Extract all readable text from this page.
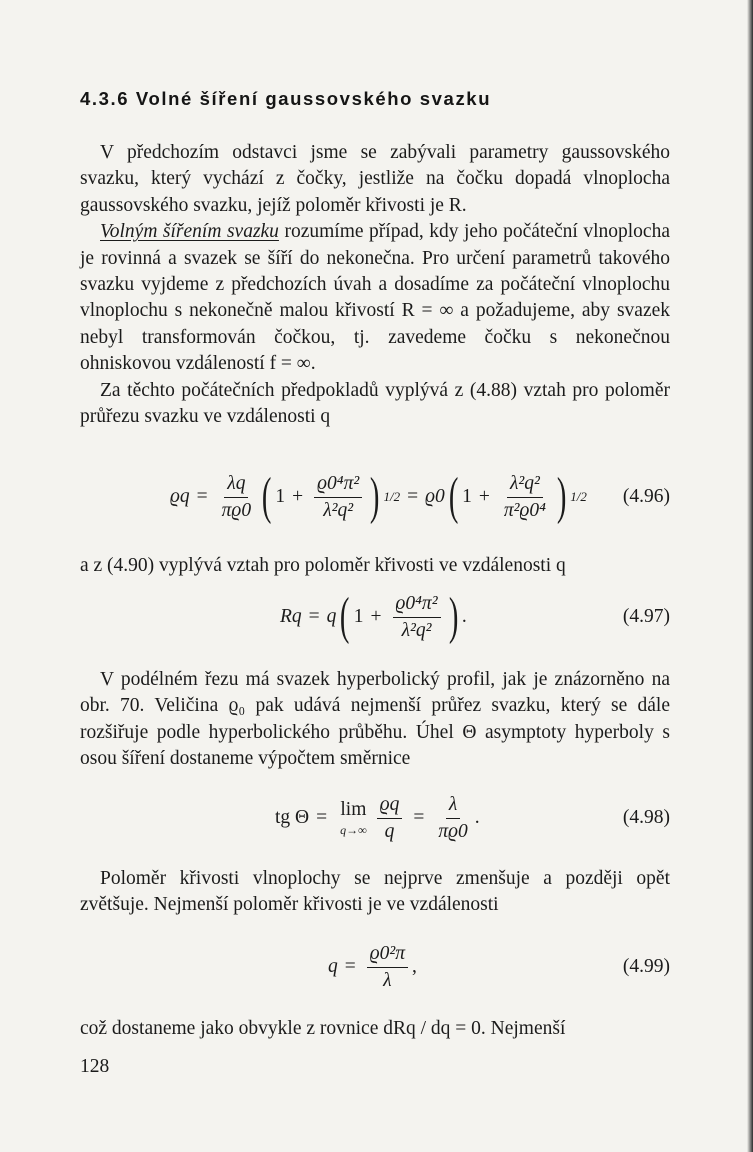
4.3.6 Volné šíření gaussovského svazku

V předchozím odstavci jsme se zabývali parametry gaussovského svazku, který vychází z čočky, jestliže na čočku dopadá vlnoplocha gaussovského svazku, jejíž poloměr křivosti je R.

Volným šířením svazku rozumíme případ, kdy jeho počáteční vlnoplocha je rovinná a svazek se šíří do nekonečna. Pro určení parametrů takového svazku vyjdeme z předchozích úvah a dosadíme za počáteční vlnoplochu vlnoplochu s nekonečně malou křivostí R = ∞ a požadujeme, aby svazek nebyl transformován čočkou, tj. zavedeme čočku s nekonečnou ohniskovou vzdáleností f = ∞.

Za těchto počátečních předpokladů vyplývá z (4.88) vztah pro poloměr průřezu svazku ve vzdálenosti q

$ϱq = \frac{\lambda q}{\pi ϱ0}$ ( $1 + \frac{\text{ϱ0⁴π²}}{\text{λ²q²}}$ ) 1/2 = ϱ0 ( $1 + \frac{\text{λ²q²}}{\text{π²ϱ0⁴}}$ ) 1/2 (4.96)

a z (4.90) vyplývá vztah pro poloměr křivosti ve vzdálenosti q

Rq = q ( $1 + \frac{\text{ϱ0⁴π²}}{\text{λ²q²}}$ ) .	(4.97)

V podélném řezu má svazek hyperbolický profil, jak je znázorněno na obr. 70. Veličina ϱ₀ pak udává nejmenší průřez svazku, který se dále rozšiřuje podle hyperbolického průběhu. Úhel Θ asymptoty hyperboly s osou šíření dostaneme výpočtem směrnice

tg Θ = lim
$q\to\infty \frac{ϱq}{q} = \frac{\lambda}{\pi ϱ0}$ .	(4.98)

Poloměr křivosti vlnoplochy se nejprve zmenšuje a později opět zvětšuje. Nejmenší poloměr křivosti je ve vzdálenosti

$q = \frac{\text{ϱ0²π}}{\lambda}$ ,	(4.99)

což dostaneme jako obvykle z rovnice dRq / dq = 0. Nejmenší

128
